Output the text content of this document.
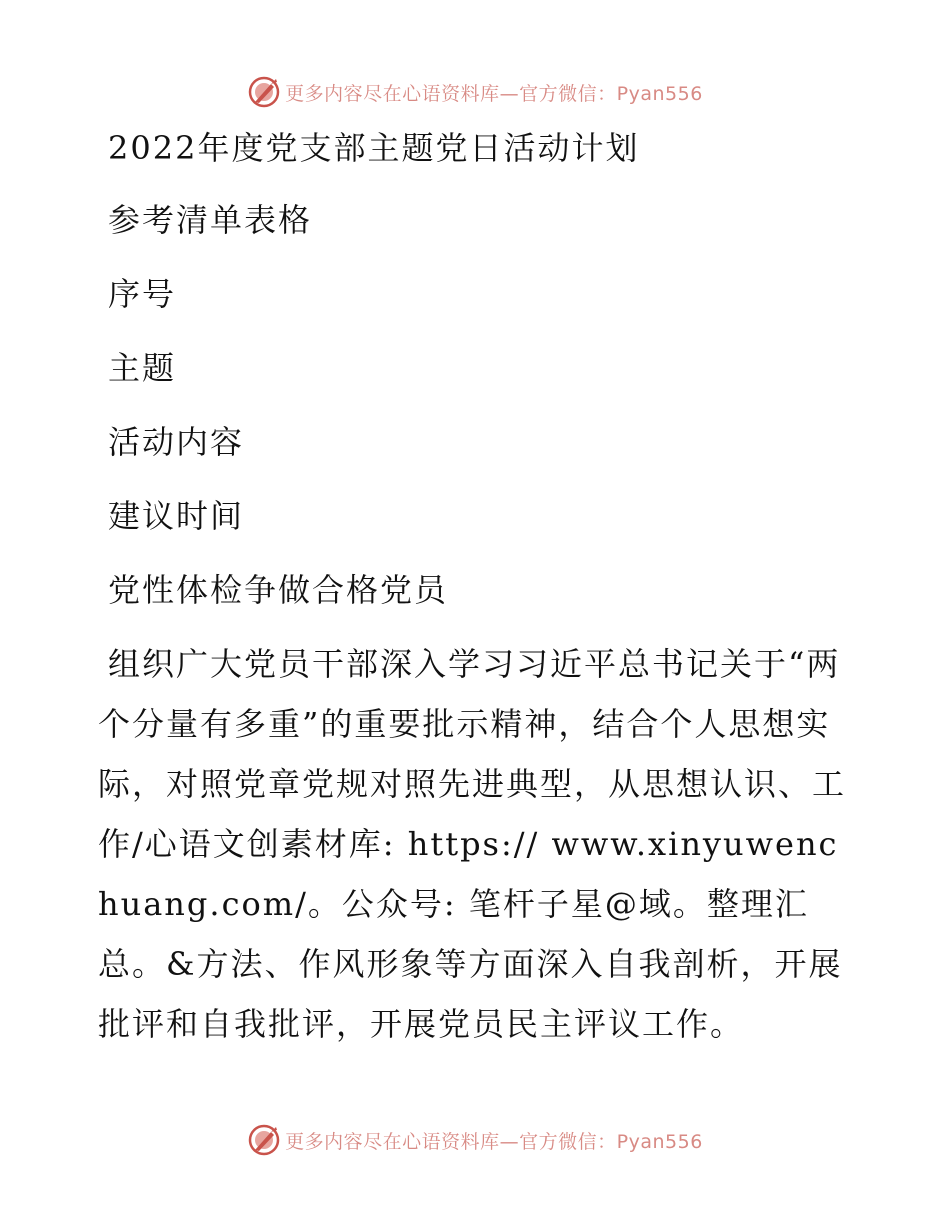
更多内容尽在心语资料库—官方微信：Pyan556
2022年度党支部主题党日活动计划
参考清单表格
序号
主题
活动内容
建议时间
党性体检争做合格党员
组织广大党员干部深入学习习近平总书记关于“两个分量有多重”的重要批示精神，结合个人思想实际，对照党章党规对照先进典型，从思想认识、工作/心语文创素材库: https:// www.xinyuwenchuang.com/。公众号: 笔杆子星@域。整理汇总。&方法、作风形象等方面深入自我剖析，开展批评和自我批评，开展党员民主评议工作。
更多内容尽在心语资料库—官方微信：Pyan556
